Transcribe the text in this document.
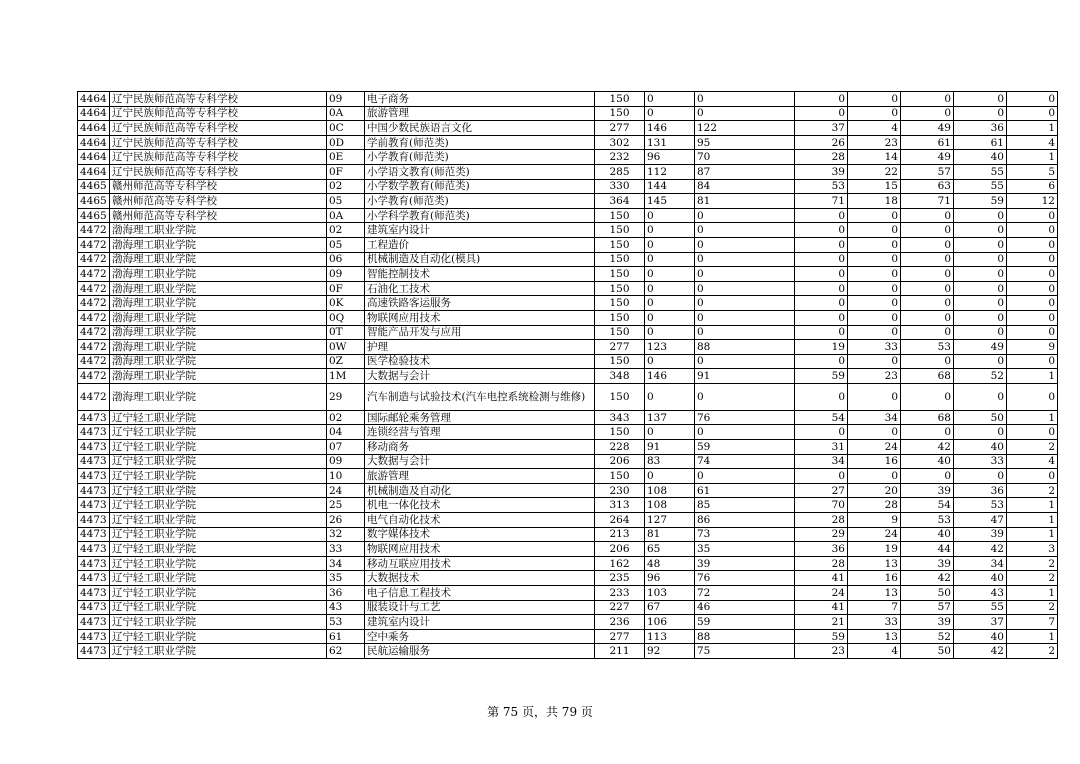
4464	辽宁民族师范高等专科学校	09	电子商务	150	0	0	0	0	0	0	0
4464	辽宁民族师范高等专科学校	0A	旅游管理	150	0	0	0	0	0	0	0
4464	辽宁民族师范高等专科学校	0C	中国少数民族语言文化	277	146	122	37	4	49	36	1
4464	辽宁民族师范高等专科学校	0D	学前教育(师范类)	302	131	95	26	23	61	61	4
4464	辽宁民族师范高等专科学校	0E	小学教育(师范类)	232	96	70	28	14	49	40	1
4464	辽宁民族师范高等专科学校	0F	小学语文教育(师范类)	285	112	87	39	22	57	55	5
4465	赣州师范高等专科学校	02	小学数学教育(师范类)	330	144	84	53	15	63	55	6
4465	赣州师范高等专科学校	05	小学教育(师范类)	364	145	81	71	18	71	59	12
4465	赣州师范高等专科学校	0A	小学科学教育(师范类)	150	0	0	0	0	0	0	0
4472	渤海理工职业学院	02	建筑室内设计	150	0	0	0	0	0	0	0
4472	渤海理工职业学院	05	工程造价	150	0	0	0	0	0	0	0
4472	渤海理工职业学院	06	机械制造及自动化(模具)	150	0	0	0	0	0	0	0
4472	渤海理工职业学院	09	智能控制技术	150	0	0	0	0	0	0	0
4472	渤海理工职业学院	0F	石油化工技术	150	0	0	0	0	0	0	0
4472	渤海理工职业学院	0K	高速铁路客运服务	150	0	0	0	0	0	0	0
4472	渤海理工职业学院	0Q	物联网应用技术	150	0	0	0	0	0	0	0
4472	渤海理工职业学院	0T	智能产品开发与应用	150	0	0	0	0	0	0	0
4472	渤海理工职业学院	0W	护理	277	123	88	19	33	53	49	9
4472	渤海理工职业学院	0Z	医学检验技术	150	0	0	0	0	0	0	0
4472	渤海理工职业学院	1M	大数据与会计	348	146	91	59	23	68	52	1
4472	渤海理工职业学院	29	汽车制造与试验技术(汽车电控系统检测与维修)	150	0	0	0	0	0	0	0
4473	辽宁轻工职业学院	02	国际邮轮乘务管理	343	137	76	54	34	68	50	1
4473	辽宁轻工职业学院	04	连锁经营与管理	150	0	0	0	0	0	0	0
4473	辽宁轻工职业学院	07	移动商务	228	91	59	31	24	42	40	2
4473	辽宁轻工职业学院	09	大数据与会计	206	83	74	34	16	40	33	4
4473	辽宁轻工职业学院	10	旅游管理	150	0	0	0	0	0	0	0
4473	辽宁轻工职业学院	24	机械制造及自动化	230	108	61	27	20	39	36	2
4473	辽宁轻工职业学院	25	机电一体化技术	313	108	85	70	28	54	53	1
4473	辽宁轻工职业学院	26	电气自动化技术	264	127	86	28	9	53	47	1
4473	辽宁轻工职业学院	32	数字媒体技术	213	81	73	29	24	40	39	1
4473	辽宁轻工职业学院	33	物联网应用技术	206	65	35	36	19	44	42	3
4473	辽宁轻工职业学院	34	移动互联应用技术	162	48	39	28	13	39	34	2
4473	辽宁轻工职业学院	35	大数据技术	235	96	76	41	16	42	40	2
4473	辽宁轻工职业学院	36	电子信息工程技术	233	103	72	24	13	50	43	1
4473	辽宁轻工职业学院	43	服装设计与工艺	227	67	46	41	7	57	55	2
4473	辽宁轻工职业学院	53	建筑室内设计	236	106	59	21	33	39	37	7
4473	辽宁轻工职业学院	61	空中乘务	277	113	88	59	13	52	40	1
4473	辽宁轻工职业学院	62	民航运输服务	211	92	75	23	4	50	42	2
第 75 页，共 79 页
